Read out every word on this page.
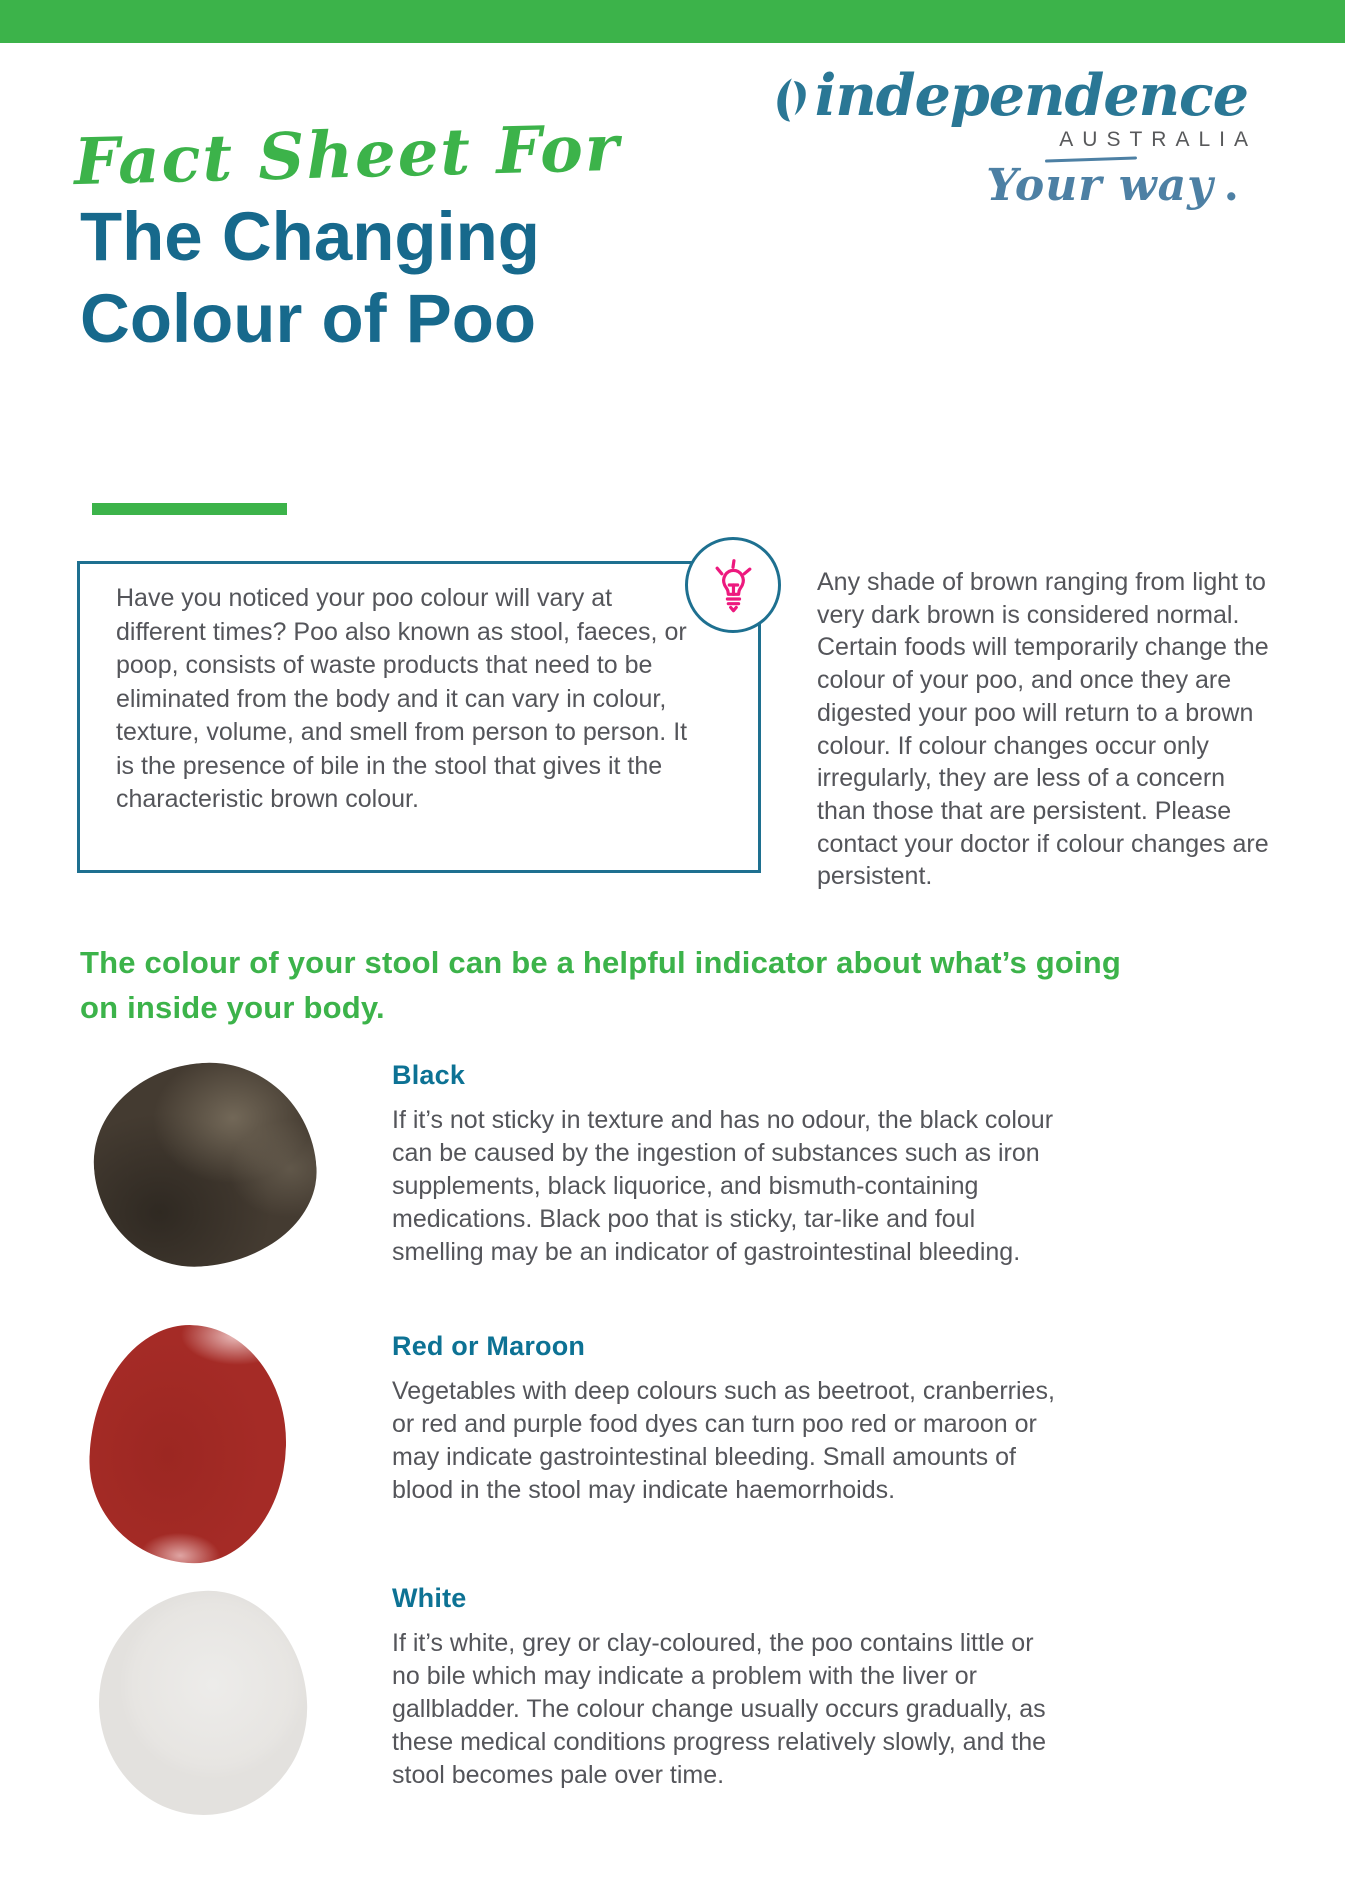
independence
AUSTRALIA
Your way .
Fact Sheet For
The Changing
Colour of Poo

Have you noticed your poo colour will vary at different times? Poo also known as stool, faeces, or poop, consists of waste products that need to be eliminated from the body and it can vary in colour, texture, volume, and smell from person to person. It is the presence of bile in the stool that gives it the characteristic brown colour.

Any shade of brown ranging from light to very dark brown is considered normal. Certain foods will temporarily change the colour of your poo, and once they are digested your poo will return to a brown colour. If colour changes occur only irregularly, they are less of a concern than those that are persistent. Please contact your doctor if colour changes are persistent.
The colour of your stool can be a helpful indicator about what’s going on inside your body.
Black

If it’s not sticky in texture and has no odour, the black colour can be caused by the ingestion of substances such as iron supplements, black liquorice, and bismuth-containing medications. Black poo that is sticky, tar-like and foul smelling may be an indicator of gastrointestinal bleeding.

Red or Maroon

Vegetables with deep colours such as beetroot, cranberries, or red and purple food dyes can turn poo red or maroon or may indicate gastrointestinal bleeding. Small amounts of blood in the stool may indicate haemorrhoids.

White

If it’s white, grey or clay-coloured, the poo contains little or no bile which may indicate a problem with the liver or gallbladder. The colour change usually occurs gradually, as these medical conditions progress relatively slowly, and the stool becomes pale over time.
